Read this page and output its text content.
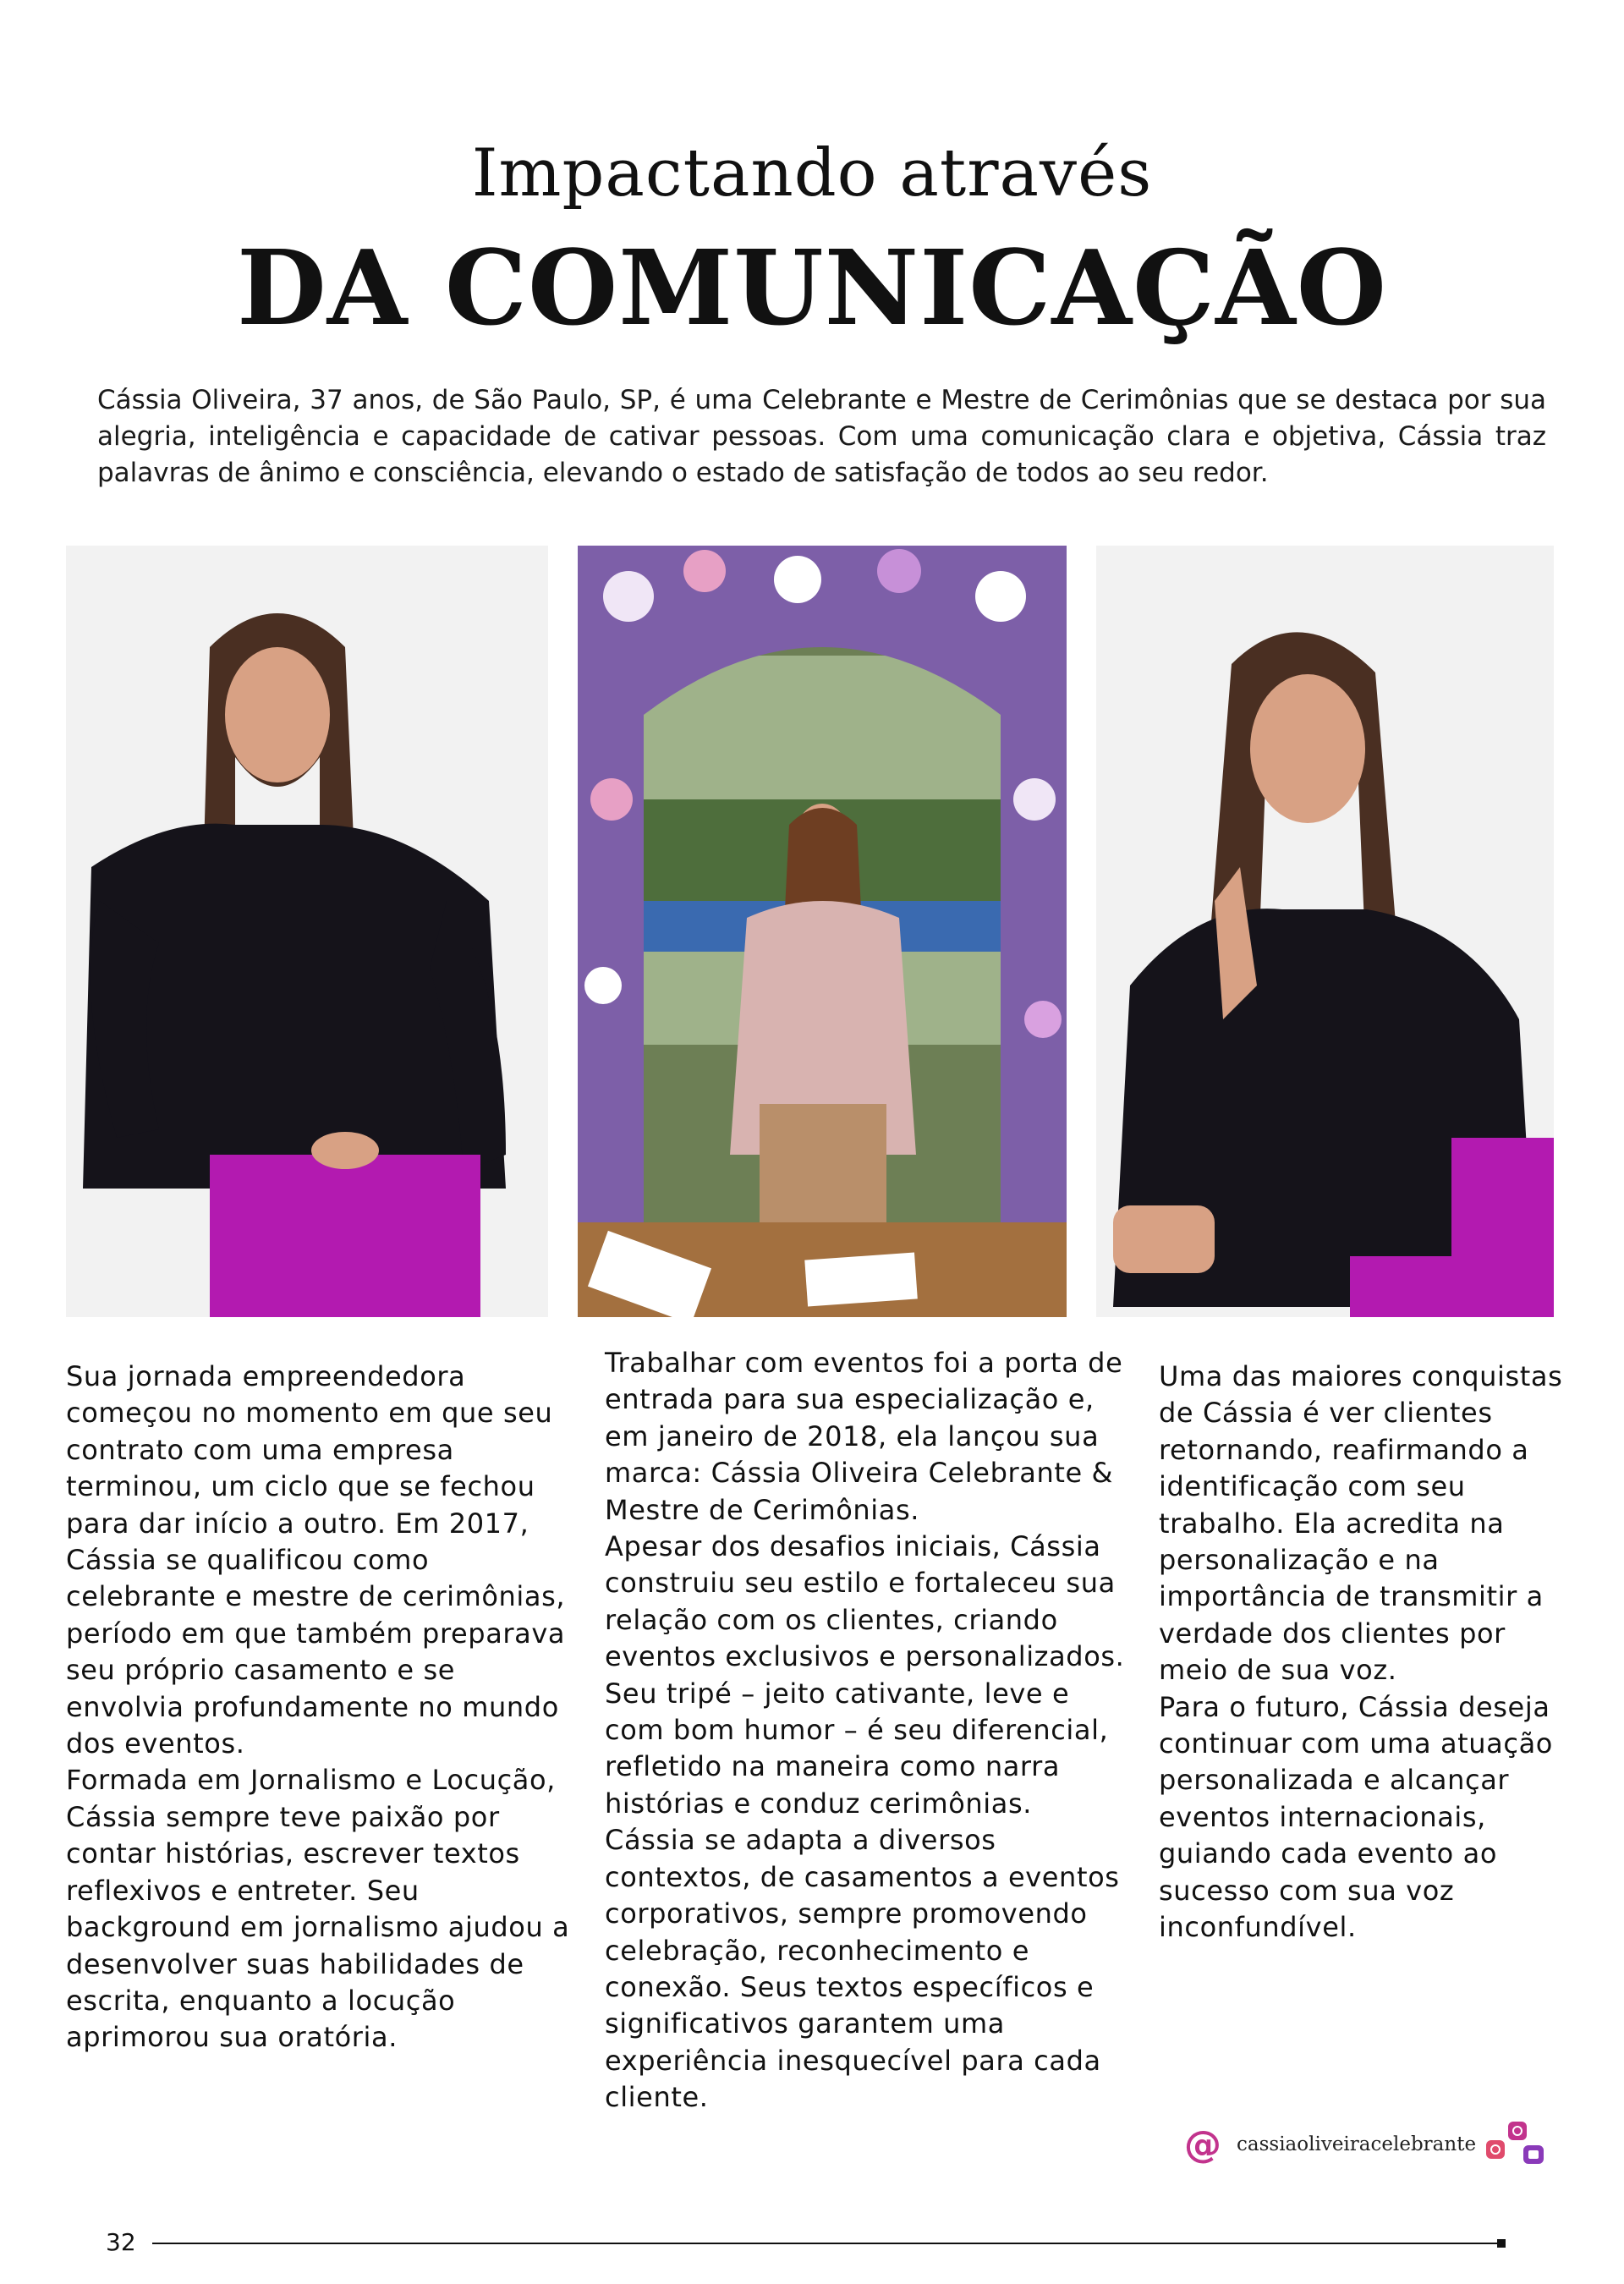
Impactando através
DA COMUNICAÇÃO
Cássia Oliveira, 37 anos, de São Paulo, SP, é uma Celebrante e Mestre de Cerimônias que se destaca por sua alegria, inteligência e capacidade de cativar pessoas. Com uma comunicação clara e objetiva, Cássia traz palavras de ânimo e consciência, elevando o estado de satisfação de todos ao seu redor.

Sua jornada empreendedora começou no momento em que seu contrato com uma empresa terminou, um ciclo que se fechou para dar início a outro. Em 2017, Cássia se qualificou como celebrante e mestre de cerimônias, período em que também preparava seu próprio casamento e se envolvia profundamente no mundo dos eventos.

Formada em Jornalismo e Locução, Cássia sempre teve paixão por contar histórias, escrever textos reflexivos e entreter. Seu background em jornalismo ajudou a desenvolver suas habilidades de escrita, enquanto a locução aprimorou sua oratória.

Trabalhar com eventos foi a porta de entrada para sua especialização e, em janeiro de 2018, ela lançou sua marca: Cássia Oliveira Celebrante & Mestre de Cerimônias.

Apesar dos desafios iniciais, Cássia construiu seu estilo e fortaleceu sua relação com os clientes, criando eventos exclusivos e personalizados. Seu tripé – jeito cativante, leve e com bom humor – é seu diferencial, refletido na maneira como narra histórias e conduz cerimônias. Cássia se adapta a diversos contextos, de casamentos a eventos corporativos, sempre promovendo celebração, reconhecimento e conexão. Seus textos específicos e significativos garantem uma experiência inesquecível para cada cliente.

Uma das maiores conquistas de Cássia é ver clientes retornando, reafirmando a identificação com seu trabalho. Ela acredita na personalização e na importância de transmitir a verdade dos clientes por meio de sua voz.

Para o futuro, Cássia deseja continuar com uma atuação personalizada e alcançar eventos internacionais, guiando cada evento ao sucesso com sua voz inconfundível.

@ cassiaoliveiracelebrante
32
